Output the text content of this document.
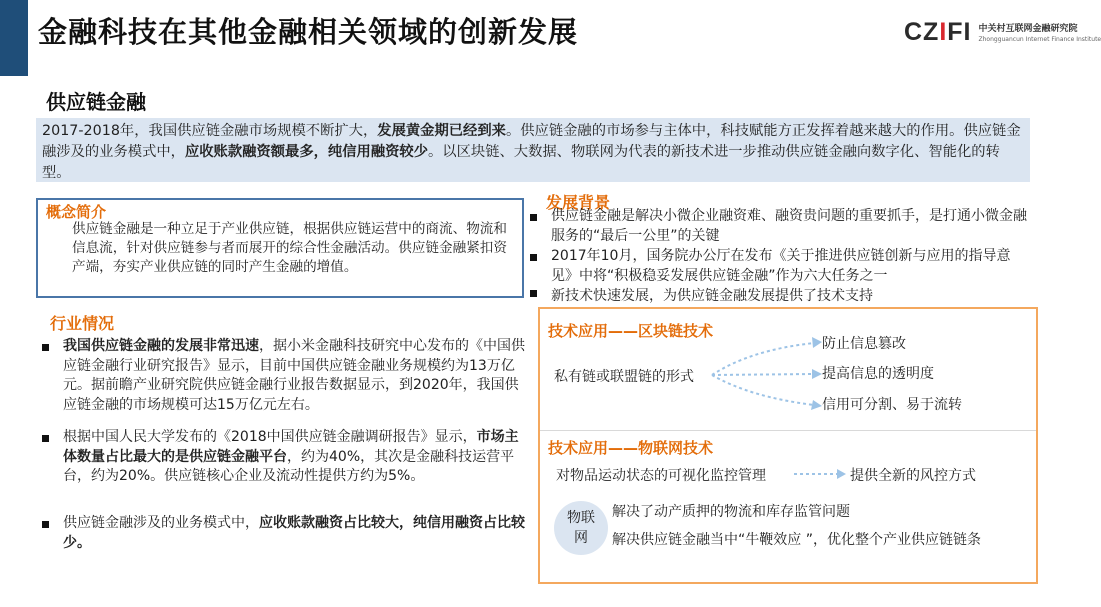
金融科技在其他金融相关领域的创新发展	CZIFI 中关村互联网金融研究院
Zhongguancun Internet Finance Institute
供应链金融
2017-2018年，我国供应链金融市场规模不断扩大，发展黄金期已经到来。供应链金融的市场参与主体中，科技赋能方正发挥着越来越大的作用。供应链金融涉及的业务模式中，应收账款融资额最多，纯信用融资较少。以区块链、大数据、物联网为代表的新技术进一步推动供应链金融向数字化、智能化的转型。
概念简介
供应链金融是一种立足于产业供应链，根据供应链运营中的商流、物流和信息流，针对供应链参与者而展开的综合性金融活动。供应链金融紧扣资产端，夯实产业供应链的同时产生金融的增值。
行业情况
我国供应链金融的发展非常迅速，据小米金融科技研究中心发布的《中国供应链金融行业研究报告》显示，目前中国供应链金融业务规模约为13万亿元。据前瞻产业研究院供应链金融行业报告数据显示，到2020年，我国供应链金融的市场规模可达15万亿元左右。
根据中国人民大学发布的《2018中国供应链金融调研报告》显示，市场主体数量占比最大的是供应链金融平台，约为40%，其次是金融科技运营平台，约为20%。供应链核心企业及流动性提供方约为5%。
供应链金融涉及的业务模式中，应收账款融资占比较大，纯信用融资占比较少。
发展背景
供应链金融是解决小微企业融资难、融资贵问题的重要抓手，是打通小微金融服务的“最后一公里”的关键
2017年10月，国务院办公厅在发布《关于推进供应链创新与应用的指导意见》中将“积极稳妥发展供应链金融”作为六大任务之一
新技术快速发展，为供应链金融发展提供了技术支持
技术应用——区块链技术
私有链或联盟链的形式
防止信息篡改
提高信息的透明度
信用可分割、易于流转
技术应用——物联网技术
对物品运动状态的可视化监控管理	提供全新的风控方式
物联网
解决了动产质押的物流和库存监管问题
解决供应链金融当中“牛鞭效应 ”，优化整个产业供应链链条
